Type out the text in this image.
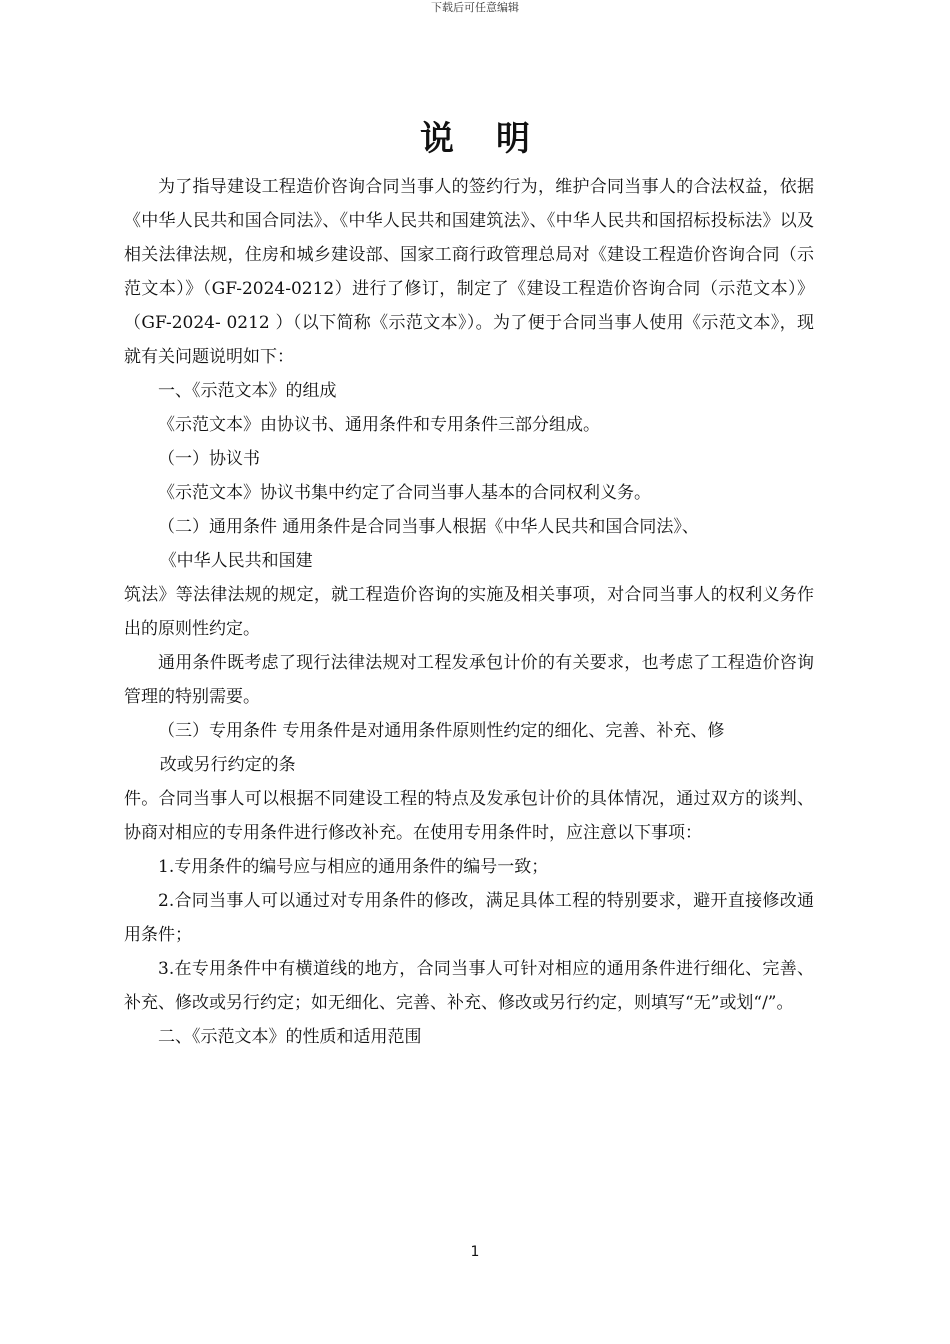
下载后可任意编辑
说明

为了指导建设工程造价咨询合同当事人的签约行为，维护合同当事人的合法权益，依据《中华人民共和国合同法》、《中华人民共和国建筑法》、《中华人民共和国招标投标法》以及相关法律法规，住房和城乡建设部、国家工商行政管理总局对《建设工程造价咨询合同（示范文本）》（GF-2024-0212）进行了修订，制定了《建设工程造价咨询合同（示范文本）》（GF-2024- 0212 ）（以下简称《示范文本》）。为了便于合同当事人使用《示范文本》，现就有关问题说明如下：

一、《示范文本》的组成

《示范文本》由协议书、通用条件和专用条件三部分组成。

（一）协议书

《示范文本》协议书集中约定了合同当事人基本的合同权利义务。

（二）通用条件 通用条件是合同当事人根据《中华人民共和国合同法》、

《中华人民共和国建

筑法》等法律法规的规定，就工程造价咨询的实施及相关事项，对合同当事人的权利义务作出的原则性约定。

通用条件既考虑了现行法律法规对工程发承包计价的有关要求，也考虑了工程造价咨询管理的特别需要。

（三）专用条件 专用条件是对通用条件原则性约定的细化、完善、补充、修

改或另行约定的条

件。合同当事人可以根据不同建设工程的特点及发承包计价的具体情况，通过双方的谈判、协商对相应的专用条件进行修改补充。在使用专用条件时，应注意以下事项：

1.专用条件的编号应与相应的通用条件的编号一致；

2.合同当事人可以通过对专用条件的修改，满足具体工程的特别要求，避开直接修改通用条件；

3.在专用条件中有横道线的地方，合同当事人可针对相应的通用条件进行细化、完善、补充、修改或另行约定；如无细化、完善、补充、修改或另行约定，则填写“无”或划“/”。

二、《示范文本》的性质和适用范围

1
